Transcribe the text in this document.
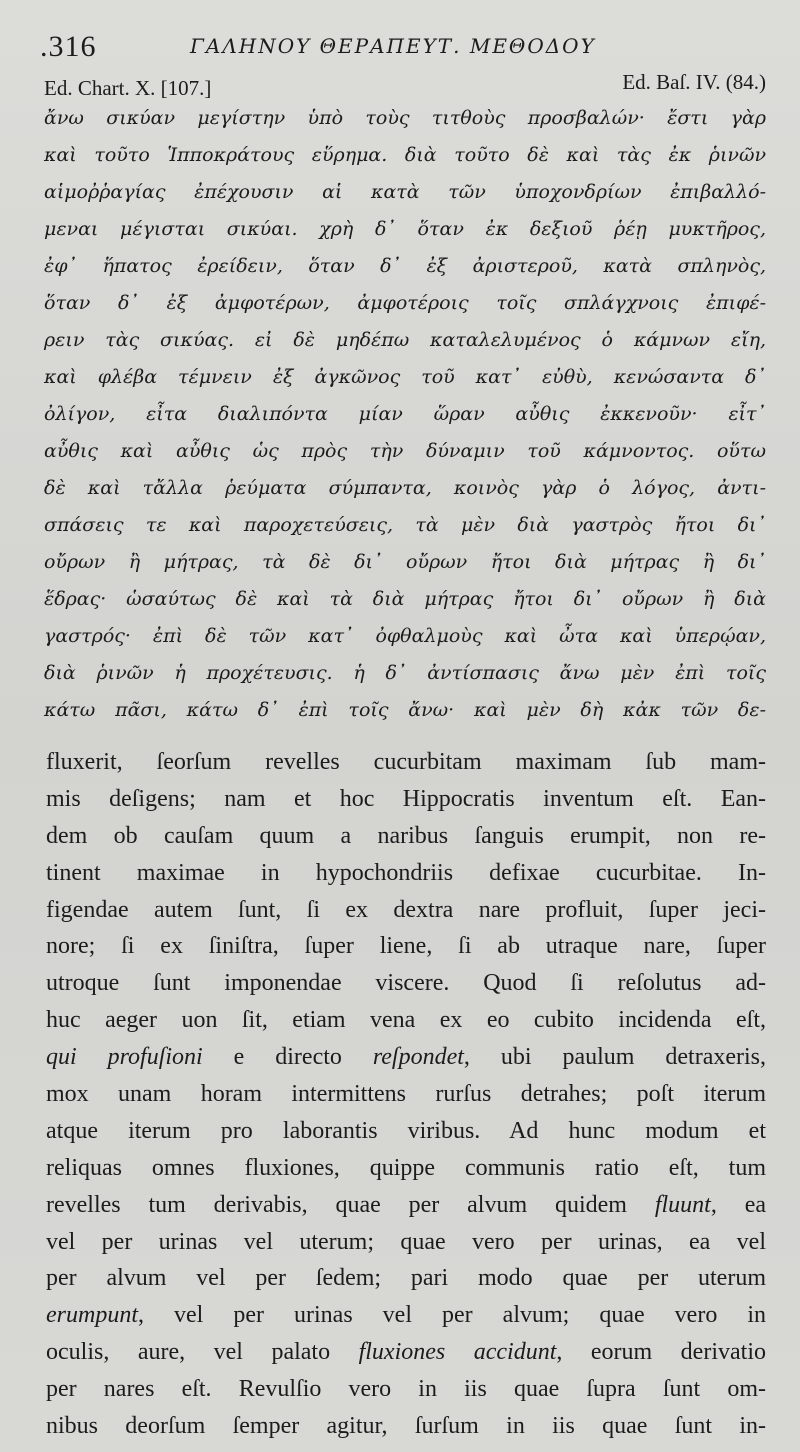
.316	ΓΑΛΗΝΟΥ ΘΕΡΑΠΕΥΤ. ΜΕΘΟΔΟΥ
Ed. Chart. X. [107.]	Ed. Baſ. IV. (84.)
ἄνω σικύαν μεγίστην ὑπὸ τοὺς τιτθοὺς προσβαλών· ἔστι γὰρ
καὶ τοῦτο Ἱπποκράτους εὕρημα. διὰ τοῦτο δὲ καὶ τὰς ἐκ ῥινῶν
αἱμοῤῥαγίας ἐπέχουσιν αἱ κατὰ τῶν ὑποχονδρίων ἐπιβαλλό-
μεναι μέγισται σικύαι. χρὴ δ᾽ ὅταν ἐκ δεξιοῦ ῥέῃ μυκτῆρος,
ἐφ᾽ ἥπατος ἐρείδειν, ὅταν δ᾽ ἐξ ἀριστεροῦ, κατὰ σπληνὸς,
ὅταν δ᾽ ἐξ ἀμφοτέρων, ἀμφοτέροις τοῖς σπλάγχνοις ἐπιφέ-
ρειν τὰς σικύας. εἰ δὲ μηδέπω καταλελυμένος ὁ κάμνων εἴη,
καὶ φλέβα τέμνειν ἐξ ἀγκῶνος τοῦ κατ᾽ εὐθὺ, κενώσαντα δ᾽
ὀλίγον, εἶτα διαλιπόντα μίαν ὥραν αὖθις ἐκκενοῦν· εἶτ᾽
αὖθις καὶ αὖθις ὡς πρὸς τὴν δύναμιν τοῦ κάμνοντος. οὕτω
δὲ καὶ τἄλλα ῥεύματα σύμπαντα, κοινὸς γὰρ ὁ λόγος, ἀντι-
σπάσεις τε καὶ παροχετεύσεις, τὰ μὲν διὰ γαστρὸς ἤτοι δι᾽
οὔρων ἢ μήτρας, τὰ δὲ δι᾽ οὔρων ἤτοι διὰ μήτρας ἢ δι᾽
ἕδρας· ὡσαύτως δὲ καὶ τὰ διὰ μήτρας ἤτοι δι᾽ οὔρων ἢ διὰ
γαστρός· ἐπὶ δὲ τῶν κατ᾽ ὀφθαλμοὺς καὶ ὦτα καὶ ὑπερῴαν,
διὰ ῥινῶν ἡ προχέτευσις. ἡ δ᾽ ἀντίσπασις ἄνω μὲν ἐπὶ τοῖς
κάτω πᾶσι, κάτω δ᾽ ἐπὶ τοῖς ἄνω· καὶ μὲν δὴ κἀκ τῶν δε-
fluxerit, ſeorſum revelles cucurbitam maximam ſub mam-
mis deſigens; nam et hoc Hippocratis inventum eſt. Ean-
dem ob cauſam quum a naribus ſanguis erumpit, non re-
tinent maximae in hypochondriis defixae cucurbitae. In-
figendae autem ſunt, ſi ex dextra nare profluit, ſuper jeci-
nore; ſi ex ſiniſtra, ſuper liene, ſi ab utraque nare, ſuper
utroque ſunt imponendae viscere. Quod ſi reſolutus ad-
huc aeger uon ſit, etiam vena ex eo cubito incidenda eſt,
qui profuſioni e directo reſpondet, ubi paulum detraxeris,
mox unam horam intermittens rurſus detrahes; poſt iterum
atque iterum pro laborantis viribus. Ad hunc modum et
reliquas omnes fluxiones, quippe communis ratio eſt, tum
revelles tum derivabis, quae per alvum quidem fluunt, ea
vel per urinas vel uterum; quae vero per urinas, ea vel
per alvum vel per ſedem; pari modo quae per uterum
erumpunt, vel per urinas vel per alvum; quae vero in
oculis, aure, vel palato fluxiones accidunt, eorum derivatio
per nares eſt. Revulſio vero in iis quae ſupra ſunt om-
nibus deorſum ſemper agitur, ſurſum in iis quae ſunt in-
